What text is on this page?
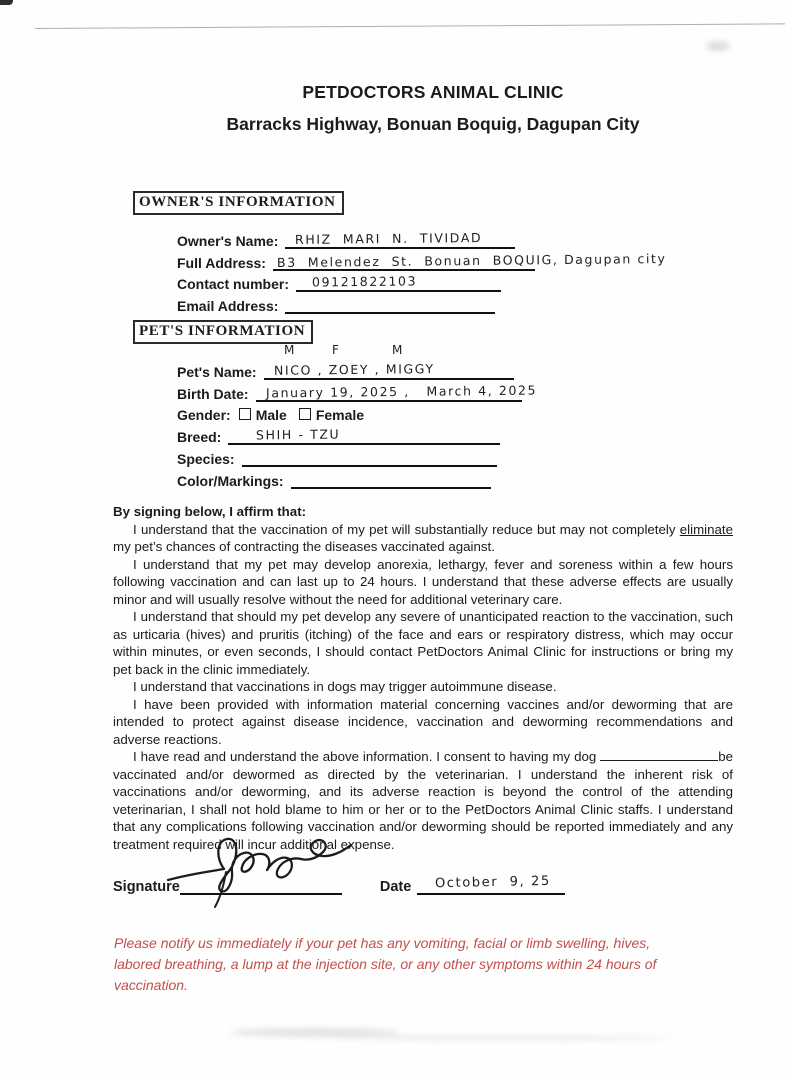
PETDOCTORS ANIMAL CLINIC
Barracks Highway, Bonuan Boquig, Dagupan City
OWNER'S INFORMATION
Owner's Name: RHIZ  MARI  N.  TIVIDAD
Full Address: B3  Melendez  St.  Bonuan  BOQUIG, Dagupan city
Contact number: 09121822103
Email Address:
PET'S INFORMATION
M	F	M
Pet's Name: NICO , ZOEY , MIGGY
Birth Date: January 19, 2025 ,   March 4, 2025
Gender: Male Female
Breed:	SHIH - TZU
Species:
Color/Markings:
By signing below, I affirm that:

I understand that the vaccination of my pet will substantially reduce but may not completely eliminate my pet’s chances of contracting the diseases vaccinated against.

I understand that my pet may develop anorexia, lethargy, fever and soreness within a few hours following vaccination and can last up to 24 hours. I understand that these adverse effects are usually minor and will usually resolve without the need for additional veterinary care.

I understand that should my pet develop any severe of unanticipated reaction to the vaccination, such as urticaria (hives) and pruritis (itching) of the face and ears or respiratory distress, which may occur within minutes, or even seconds, I should contact PetDoctors Animal Clinic for instructions or bring my pet back in the clinic immediately.

I understand that vaccinations in dogs may trigger autoimmune disease.

I have been provided with information material concerning vaccines and/or deworming that are intended to protect against disease incidence, vaccination and deworming recommendations and adverse reactions.

I have read and understand the above information. I consent to having my dog	be vaccinated and/or dewormed as directed by the veterinarian. I understand the inherent risk of vaccinations and/or deworming, and its adverse reaction is beyond the control of the attending veterinarian, I shall not hold blame to him or her or to the PetDoctors Animal Clinic staffs. I understand that any complications following vaccination and/or deworming should be reported immediately and any treatment required will incur additional expense.

Signature	Date October  9, 25

Please notify us immediately if your pet has any vomiting, facial or limb swelling, hives, labored breathing, a lump at the injection site, or any other symptoms within 24 hours of vaccination.
